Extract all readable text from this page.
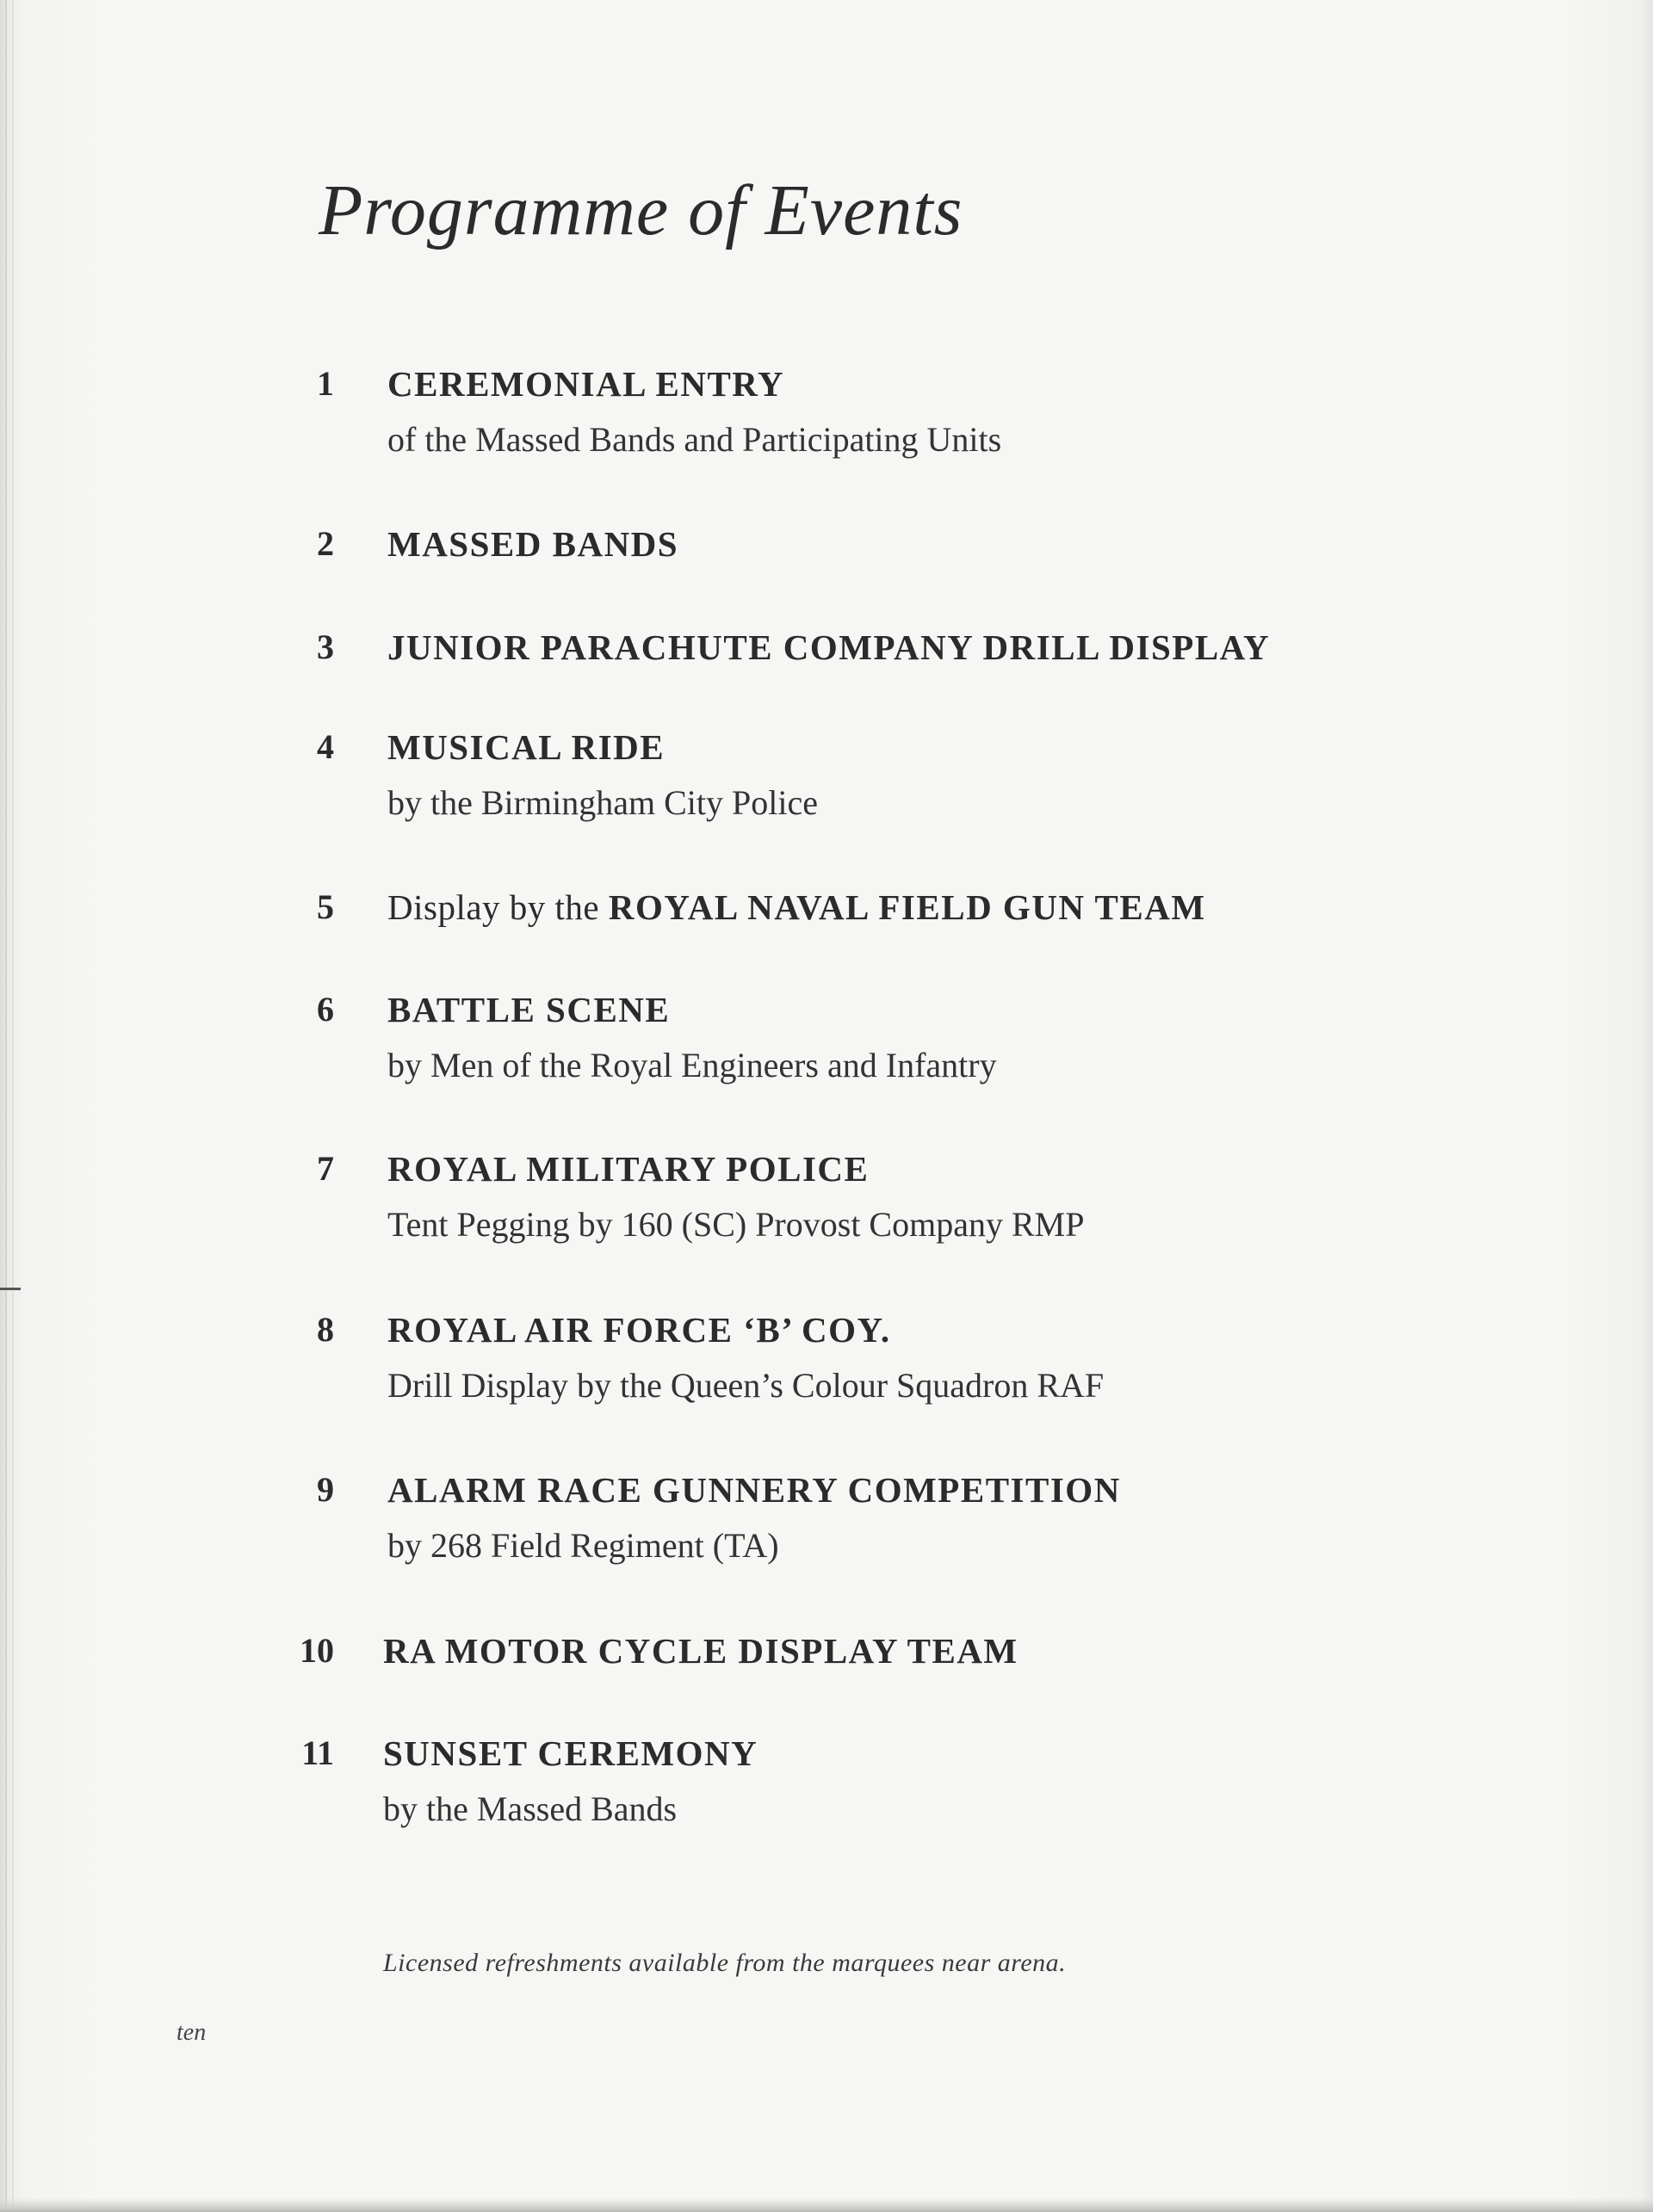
Programme of Events
1 CEREMONIAL ENTRY
of the Massed Bands and Participating Units
2 MASSED BANDS
3 JUNIOR PARACHUTE COMPANY DRILL DISPLAY
4 MUSICAL RIDE
by the Birmingham City Police
5 Display by the ROYAL NAVAL FIELD GUN TEAM
6 BATTLE SCENE
by Men of the Royal Engineers and Infantry
7 ROYAL MILITARY POLICE
Tent Pegging by 160 (SC) Provost Company RMP
8 ROYAL AIR FORCE ‘B’ COY.
Drill Display by the Queen’s Colour Squadron RAF
9 ALARM RACE GUNNERY COMPETITION
by 268 Field Regiment (TA)
10 RA MOTOR CYCLE DISPLAY TEAM
11 SUNSET CEREMONY
by the Massed Bands
Licensed refreshments available from the marquees near arena.
ten
